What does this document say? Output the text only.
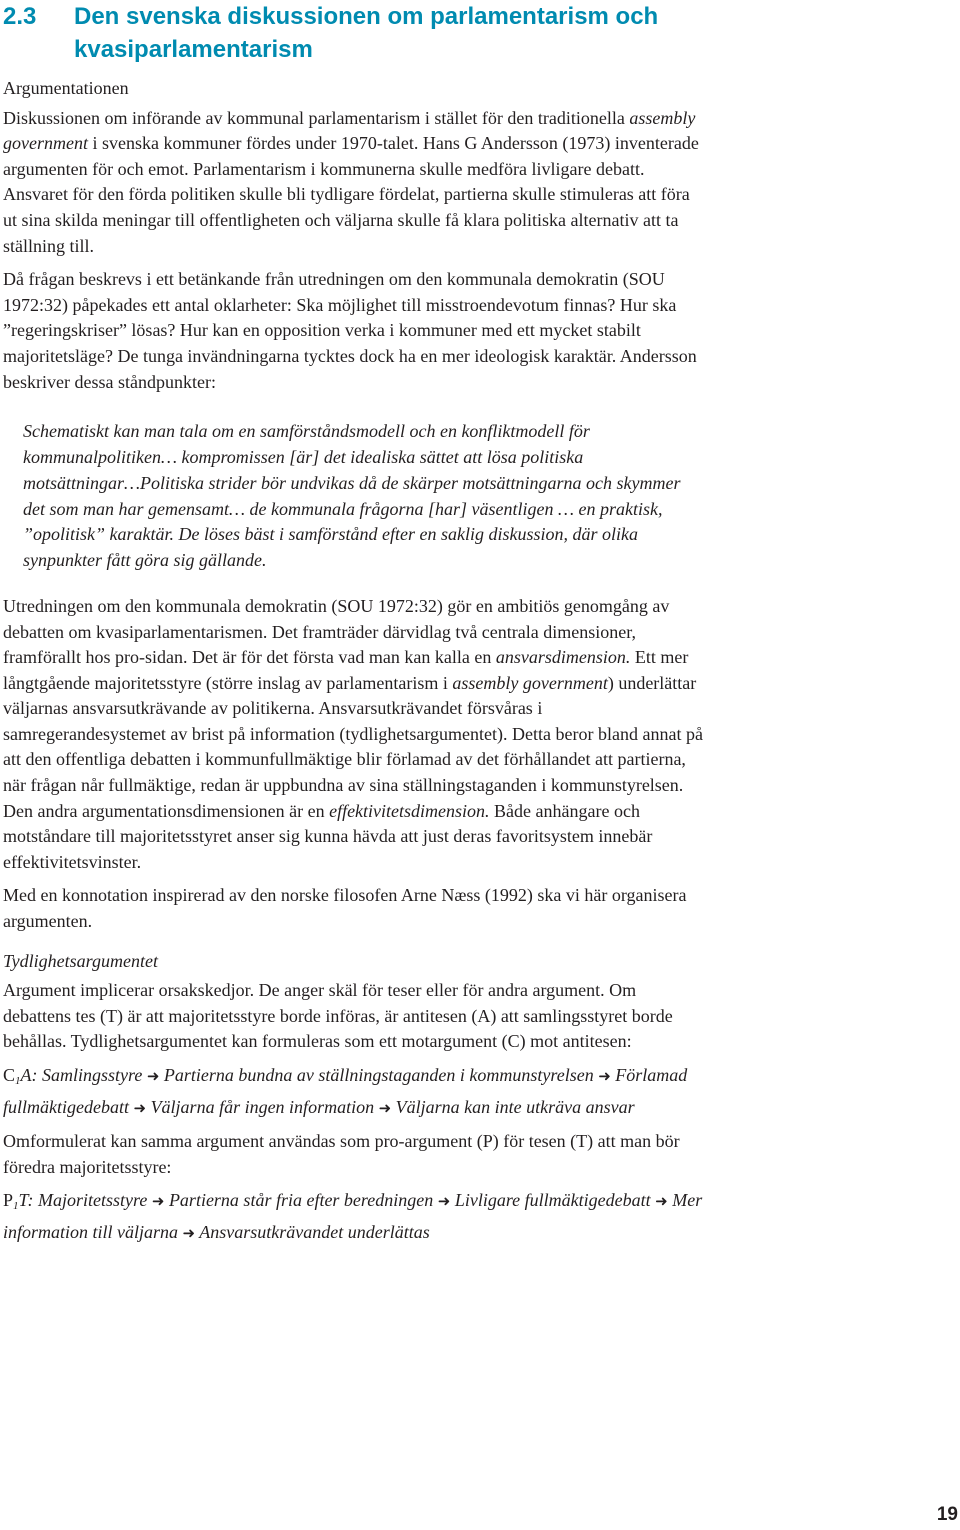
2.3	Den svenska diskussionen om parlamentarism och kvasiparlamentarism
Argumentationen

Diskussionen om införande av kommunal parlamentarism i stället för den traditionella assembly government i svenska kommuner fördes under 1970-talet. Hans G Andersson (1973) inventerade argumenten för och emot. Parlamentarism i kommunerna skulle medföra livligare debatt. Ansvaret för den förda politiken skulle bli tydligare fördelat, partierna skulle stimuleras att föra ut sina skilda meningar till offentligheten och väljarna skulle få klara politiska alternativ att ta ställning till.

Då frågan beskrevs i ett betänkande från utredningen om den kommunala demokratin (SOU 1972:32) påpekades ett antal oklarheter: Ska möjlighet till misstroendevotum finnas? Hur ska ”regeringskriser” lösas? Hur kan en opposition verka i kommuner med ett mycket stabilt majoritetsläge? De tunga invändningarna tycktes dock ha en mer ideologisk karaktär. Andersson beskriver dessa ståndpunkter:

Schematiskt kan man tala om en samförståndsmodell och en konfliktmodell för kommunalpolitiken… kompromissen [är] det idealiska sättet att lösa politiska motsättningar…Politiska strider bör undvikas då de skärper motsättningarna och skymmer det som man har gemensamt… de kommunala frågorna [har] väsentligen … en praktisk, ”opolitisk” karaktär. De löses bäst i samförstånd efter en saklig diskussion, där olika synpunkter fått göra sig gällande.

Utredningen om den kommunala demokratin (SOU 1972:32) gör en ambitiös genomgång av debatten om kvasiparlamentarismen. Det framträder därvidlag två centrala dimensioner, framförallt hos pro-sidan. Det är för det första vad man kan kalla en ansvarsdimension. Ett mer långtgående majoritetsstyre (större inslag av parlamentarism i assembly government) underlättar väljarnas ansvarsutkrävande av politikerna. Ansvarsutkrävandet försvåras i samregerandesystemet av brist på information (tydlighetsargumentet). Detta beror bland annat på att den offentliga debatten i kommunfullmäktige blir förlamad av det förhållandet att partierna, när frågan når fullmäktige, redan är uppbundna av sina ställningstaganden i kommunstyrelsen. Den andra argumentationsdimensionen är en effektivitetsdimension. Både anhängare och motståndare till majoritetsstyret anser sig kunna hävda att just deras favoritsystem innebär effektivitetsvinster.

Med en konnotation inspirerad av den norske filosofen Arne Næss (1992) ska vi här organisera argumenten.

Tydlighetsargumentet

Argument implicerar orsakskedjor. De anger skäl för teser eller för andra argument. Om debattens tes (T) är att majoritetsstyre borde införas, är antitesen (A) att samlingsstyret borde behållas. Tydlighetsargumentet kan formuleras som ett motargument (C) mot antitesen:

$C_1A$: Samlingsstyre ➜ Partierna bundna av ställningstaganden i kommunstyrelsen ➜ Förlamad fullmäktigedebatt ➜ Väljarna får ingen information ➜ Väljarna kan inte utkräva ansvar

Omformulerat kan samma argument användas som pro-argument (P) för tesen (T) att man bör föredra majoritetsstyre:

$P_1T$: Majoritetsstyre ➜ Partierna står fria efter beredningen ➜ Livligare fullmäktigedebatt ➜ Mer information till väljarna ➜ Ansvarsutkrävandet underlättas

19
